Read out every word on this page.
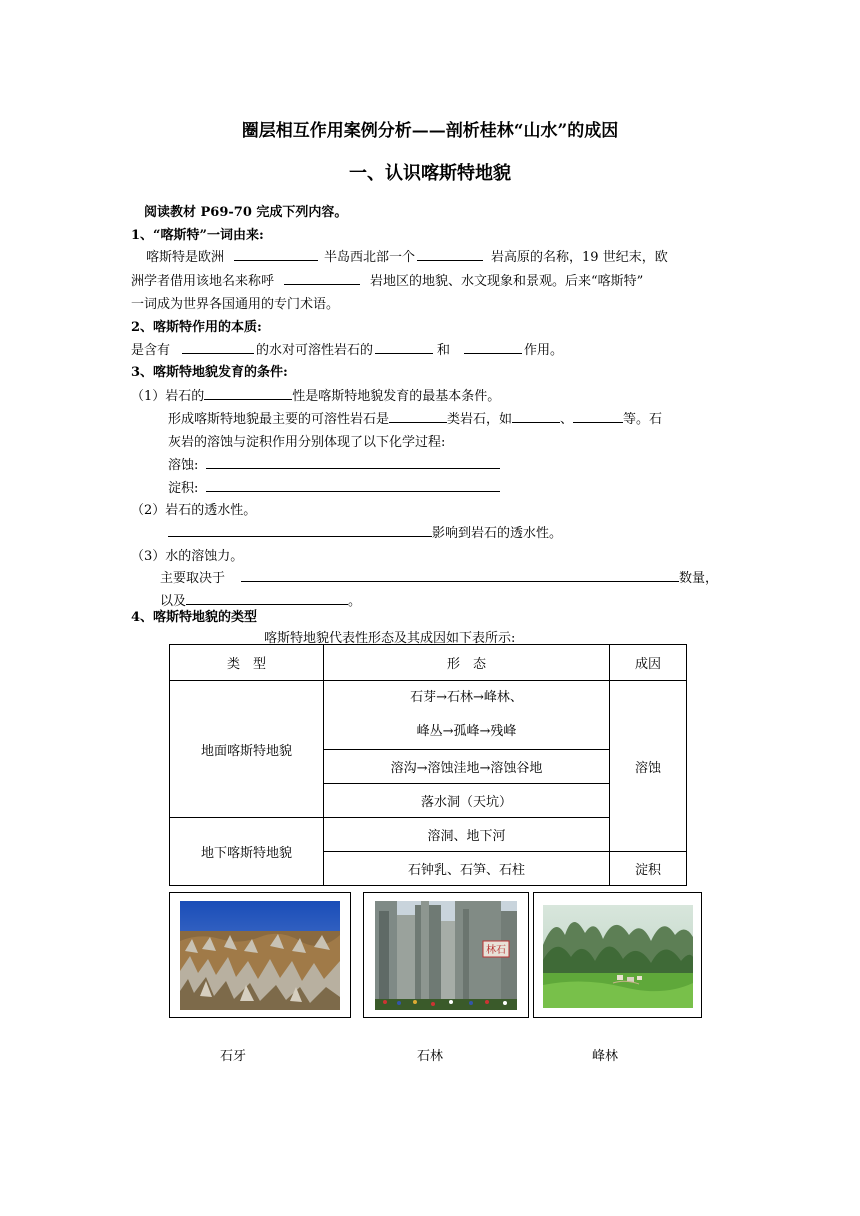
圈层相互作用案例分析——剖析桂林“山水”的成因
一、认识喀斯特地貌
阅读教材 P69-70 完成下列内容。
1、“喀斯特”一词由来:
喀斯特是欧洲	半岛西北部一个	岩高原的名称，19 世纪末，欧
洲学者借用该地名来称呼	岩地区的地貌、水文现象和景观。后来“喀斯特”
一词成为世界各国通用的专门术语。
2、喀斯特作用的本质:
是含有	的水对可溶性岩石的	和	作用。
3、喀斯特地貌发育的条件:
（1）岩石的	性是喀斯特地貌发育的最基本条件。
形成喀斯特地貌最主要的可溶性岩石是	类岩石，如	、	等。石
灰岩的溶蚀与淀积作用分别体现了以下化学过程:
溶蚀:
淀积:
（2）岩石的透水性。
影响到岩石的透水性。
（3）水的溶蚀力。
主要取决于	数量，
以及	。
4、喀斯特地貌的类型
喀斯特地貌代表性形态及其成因如下表所示:
类　型	形　态	成因
地面喀斯特地貌	石芽→石林→峰林、
峰丛→孤峰→残峰	溶蚀
	溶沟→溶蚀洼地→溶蚀谷地	
	落水洞（天坑）	
地下喀斯特地貌	溶洞、地下河	
	石钟乳、石笋、石柱	淀积
林石
石牙	石林	峰林
